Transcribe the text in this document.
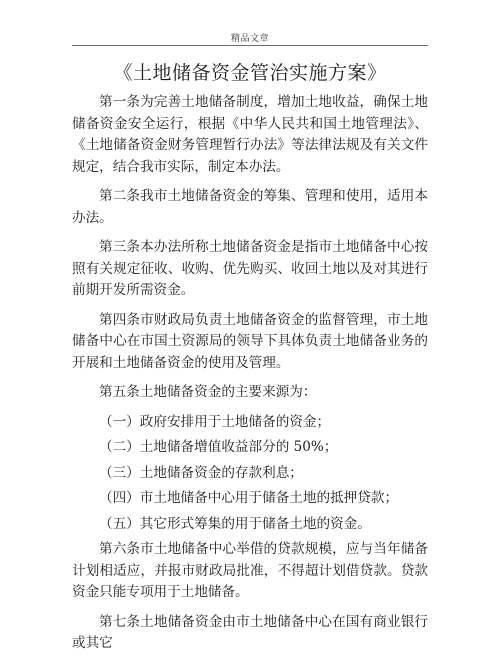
精品文章
《土地储备资金管治实施方案》

第一条为完善土地储备制度，增加土地收益，确保土地储备资金安全运行，根据《中华人民共和国土地管理法》、《土地储备资金财务管理暂行办法》等法律法规及有关文件规定，结合我市实际，制定本办法。

第二条我市土地储备资金的筹集、管理和使用，适用本办法。

第三条本办法所称土地储备资金是指市土地储备中心按照有关规定征收、收购、优先购买、收回土地以及对其进行前期开发所需资金。

第四条市财政局负责土地储备资金的监督管理，市土地储备中心在市国土资源局的领导下具体负责土地储备业务的开展和土地储备资金的使用及管理。

第五条土地储备资金的主要来源为：

（一）政府安排用于土地储备的资金；

（二）土地储备增值收益部分的 50%；

（三）土地储备资金的存款利息；

（四）市土地储备中心用于储备土地的抵押贷款；

（五）其它形式筹集的用于储备土地的资金。

第六条市土地储备中心举借的贷款规模，应与当年储备计划相适应，并报市财政局批准，不得超计划借贷款。贷款资金只能专项用于土地储备。

第七条土地储备资金由市土地储备中心在国有商业银行或其它
